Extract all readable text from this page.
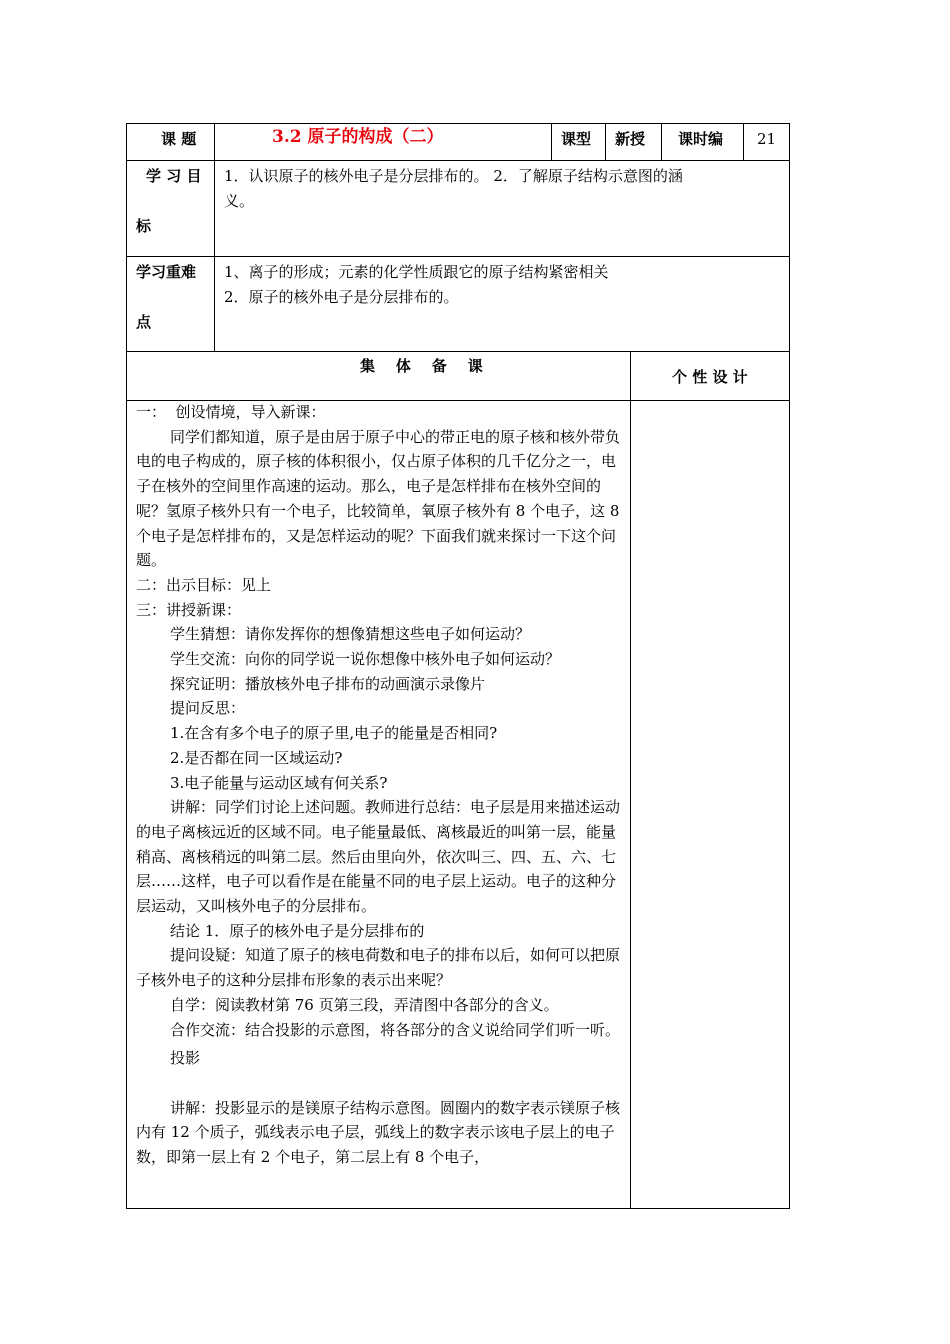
课 题	3.2 原子的构成（二）	课型 新授 课时编 21
学 习 目
标
1．认识原子的核外电子是分层排布的。 2．了解原子结构示意图的涵
义。
学习重难
点
1、离子的形成；元素的化学性质跟它的原子结构紧密相关
2．原子的核外电子是分层排布的。
集    体    备    课
个 性 设 计

一：  创设情境，导入新课：

同学们都知道，原子是由居于原子中心的带正电的原子核和核外带负电的电子构成的，原子核的体积很小，仅占原子体积的几千亿分之一，电子在核外的空间里作高速的运动。那么，电子是怎样排布在核外空间的呢？氢原子核外只有一个电子，比较简单，氧原子核外有 8 个电子，这 8 个电子是怎样排布的，又是怎样运动的呢？下面我们就来探讨一下这个问题。

二：出示目标：见上

三：讲授新课：

学生猜想：请你发挥你的想像猜想这些电子如何运动？

学生交流：向你的同学说一说你想像中核外电子如何运动？

探究证明：播放核外电子排布的动画演示录像片

提问反思：

1.在含有多个电子的原子里,电子的能量是否相同?

2.是否都在同一区域运动?

3.电子能量与运动区域有何关系?

讲解：同学们讨论上述问题。教师进行总结：电子层是用来描述运动的电子离核远近的区域不同。电子能量最低、离核最近的叫第一层，能量稍高、离核稍远的叫第二层。然后由里向外，依次叫三、四、五、六、七层……这样，电子可以看作是在能量不同的电子层上运动。电子的这种分层运动，又叫核外电子的分层排布。

结论 1．原子的核外电子是分层排布的

提问设疑：知道了原子的核电荷数和电子的排布以后，如何可以把原子核外电子的这种分层排布形象的表示出来呢？

自学：阅读教材第 76 页第三段，弄清图中各部分的含义。

合作交流：结合投影的示意图，将各部分的含义说给同学们听一听。

投影

讲解：投影显示的是镁原子结构示意图。圆圈内的数字表示镁原子核内有 12 个质子，弧线表示电子层，弧线上的数字表示该电子层上的电子数，即第一层上有 2 个电子，第二层上有 8 个电子，
